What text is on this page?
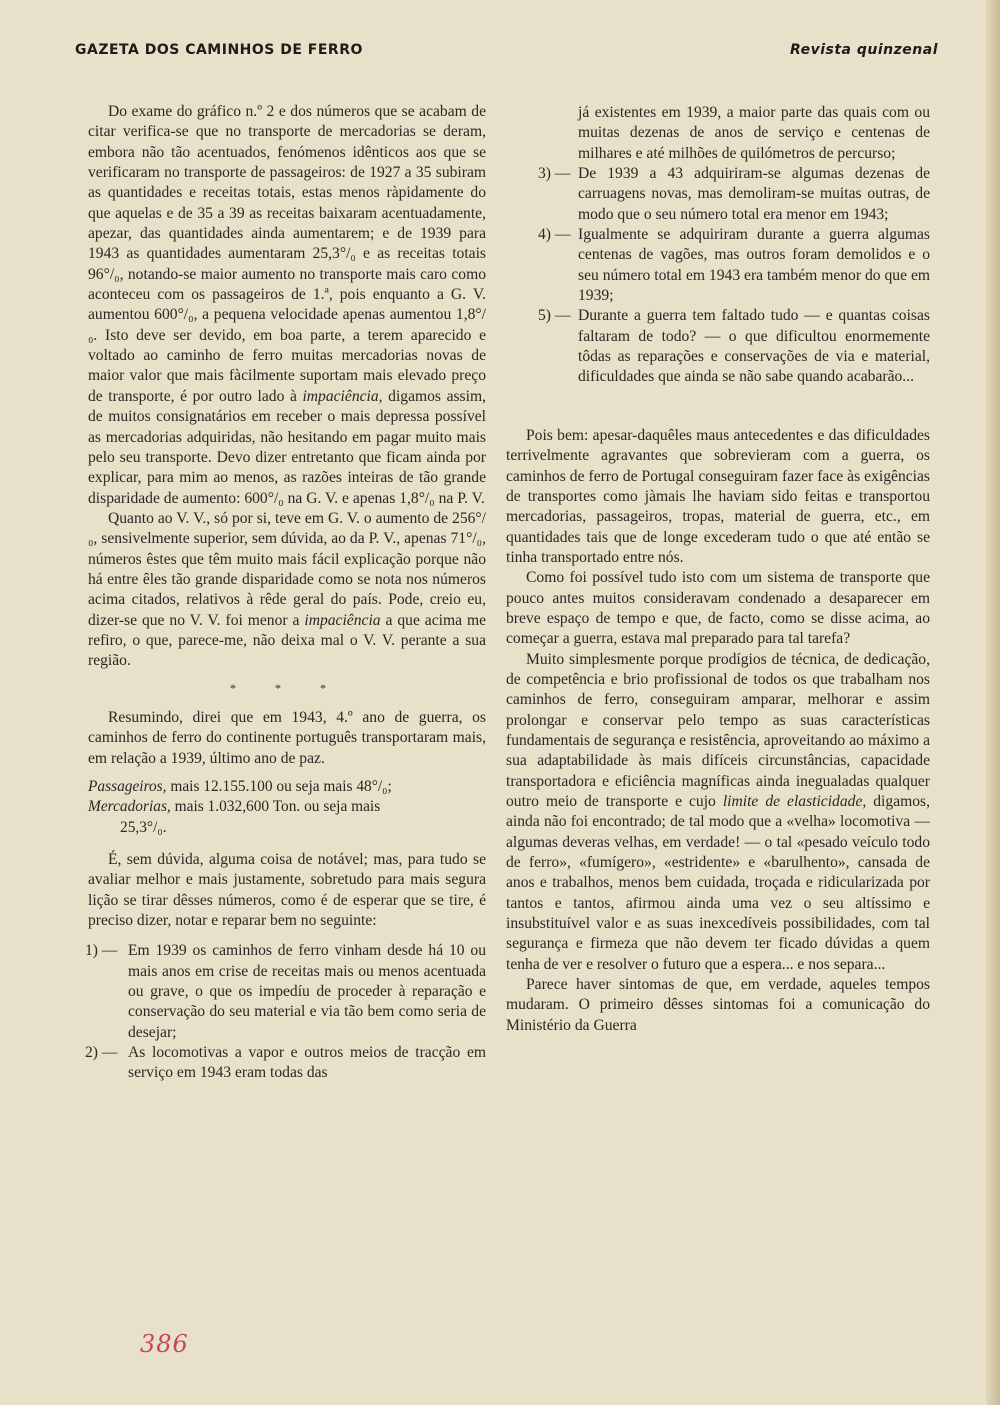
GAZETA DOS CAMINHOS DE FERRO	Revista quinzenal

Do exame do gráfico n.º 2 e dos números que se acabam de citar verifica-se que no transporte de mercadorias se deram, embora não tão acentuados, fenómenos idênticos aos que se verificaram no transporte de passageiros: de 1927 a 35 subiram as quantidades e receitas totais, estas menos ràpidamente do que aquelas e de 35 a 39 as receitas baixaram acentuadamente, apezar, das quantidades ainda aumentarem; e de 1939 para 1943 as quantidades aumentaram 25,3°/₀ e as receitas totais 96°/₀, notando-se maior aumento no transporte mais caro como aconteceu com os passageiros de 1.ª, pois enquanto a G. V. aumentou 600°/₀, a pequena velocidade apenas aumentou 1,8°/₀. Isto deve ser devido, em boa parte, a terem aparecido e voltado ao caminho de ferro muitas mercadorias novas de maior valor que mais fàcilmente suportam mais elevado preço de transporte, é por outro lado à impaciência, digamos assim, de muitos consignatários em receber o mais depressa possível as mercadorias adquiridas, não hesitando em pagar muito mais pelo seu transporte. Devo dizer entretanto que ficam ainda por explicar, para mim ao menos, as razões inteiras de tão grande disparidade de aumento: 600°/₀ na G. V. e apenas 1,8°/₀ na P. V.

Quanto ao V. V., só por si, teve em G. V. o aumento de 256°/₀, sensivelmente superior, sem dúvida, ao da P. V., apenas 71°/₀, números êstes que têm muito mais fácil explicação porque não há entre êles tão grande disparidade como se nota nos números acima citados, relativos à rêde geral do país. Pode, creio eu, dizer-se que no V. V. foi menor a impaciência a que acima me refiro, o que, parece-me, não deixa mal o V. V. perante a sua região.

* * *

Resumindo, direi que em 1943, 4.º ano de guerra, os caminhos de ferro do continente português transportaram mais, em relação a 1939, último ano de paz.

Passageiros, mais 12.155.100 ou seja mais 48°/₀;
Mercadorias, mais 1.032,600 Ton. ou seja mais
25,3°/₀.

É, sem dúvida, alguma coisa de notável; mas, para tudo se avaliar melhor e mais justamente, sobretudo para mais segura lição se tirar dêsses números, como é de esperar que se tire, é preciso dizer, notar e reparar bem no seguinte:

1) — Em 1939 os caminhos de ferro vinham desde há 10 ou mais anos em crise de receitas mais ou menos acentuada ou grave, o que os impedíu de proceder à reparação e conservação do seu material e via tão bem como seria de desejar;
2) — As locomotivas a vapor e outros meios de tracção em serviço em 1943 eram todas das
já existentes em 1939, a maior parte das quais com ou muitas dezenas de anos de serviço e centenas de milhares e até milhões de quilómetros de percurso;
3) — De 1939 a 43 adquiriram-se algumas dezenas de carruagens novas, mas demoliram-se muitas outras, de modo que o seu número total era menor em 1943;
4) — Igualmente se adquiriram durante a guerra algumas centenas de vagões, mas outros foram demolidos e o seu número total em 1943 era também menor do que em 1939;
5) — Durante a guerra tem faltado tudo — e quantas coisas faltaram de todo? — o que dificultou enormemente tôdas as reparações e conservações de via e material, dificuldades que ainda se não sabe quando acabarão...

Pois bem: apesar-daquêles maus antecedentes e das dificuldades terrivelmente agravantes que sobrevieram com a guerra, os caminhos de ferro de Portugal conseguiram fazer face às exigências de transportes como jàmais lhe haviam sido feitas e transportou mercadorias, passageiros, tropas, material de guerra, etc., em quantidades tais que de longe excederam tudo o que até então se tinha transportado entre nós.

Como foi possível tudo isto com um sistema de transporte que pouco antes muitos consideravam condenado a desaparecer em breve espaço de tempo e que, de facto, como se disse acima, ao começar a guerra, estava mal preparado para tal tarefa?

Muito simplesmente porque prodígios de técnica, de dedicação, de competência e brio profissional de todos os que trabalham nos caminhos de ferro, conseguiram amparar, melhorar e assim prolongar e conservar pelo tempo as suas características fundamentais de segurança e resistência, aproveitando ao máximo a sua adaptabilidade às mais difíceis circunstâncias, capacidade transportadora e eficiência magníficas ainda inegualadas qualquer outro meio de transporte e cujo limite de elasticidade, digamos, ainda não foi encontrado; de tal modo que a «velha» locomotiva — algumas deveras velhas, em verdade! — o tal «pesado veículo todo de ferro», «fumígero», «estridente» e «barulhento», cansada de anos e trabalhos, menos bem cuidada, troçada e ridicularizada por tantos e tantos, afirmou ainda uma vez o seu altíssimo e insubstituível valor e as suas inexcedíveis possibilidades, com tal segurança e firmeza que não devem ter ficado dúvidas a quem tenha de ver e resolver o futuro que a espera... e nos separa...

Parece haver sintomas de que, em verdade, aqueles tempos mudaram. O primeiro dêsses sintomas foi a comunicação do Ministério da Guerra

386
